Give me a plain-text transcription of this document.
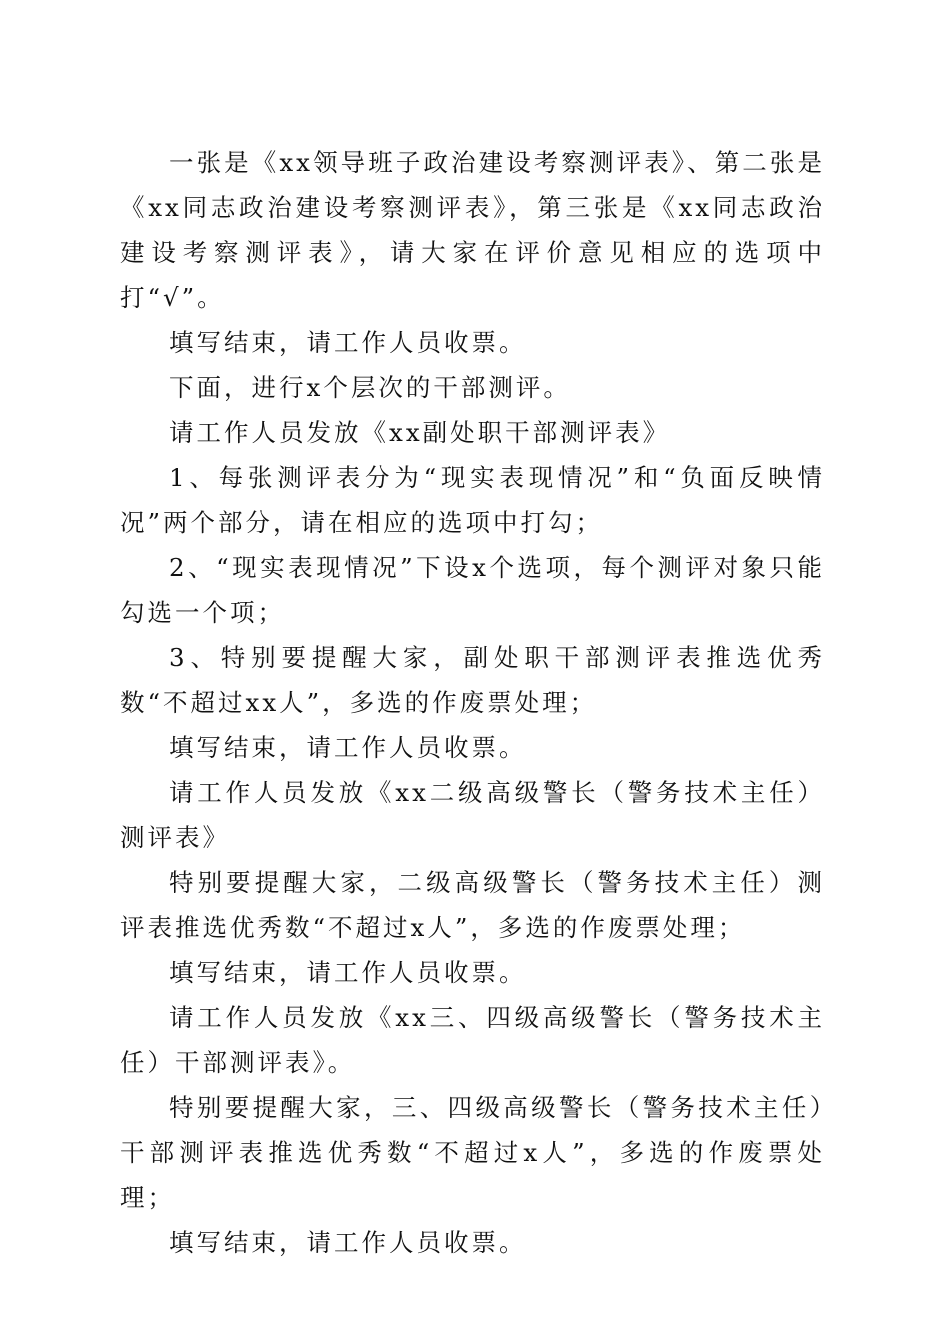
一张是《xx领导班子政治建设考察测评表》、第二张是《xx同志政治建设考察测评表》，第三张是《xx同志政治建设考察测评表》，请大家在评价意见相应的选项中打“√”。

填写结束，请工作人员收票。

下面，进行x个层次的干部测评。

请工作人员发放《xx副处职干部测评表》

1、每张测评表分为“现实表现情况”和“负面反映情况”两个部分，请在相应的选项中打勾；

2、“现实表现情况”下设x个选项，每个测评对象只能勾选一个项；

3、特别要提醒大家，副处职干部测评表推选优秀数“不超过xx人”，多选的作废票处理；

填写结束，请工作人员收票。

请工作人员发放《xx二级高级警长（警务技术主任）测评表》

特别要提醒大家，二级高级警长（警务技术主任）测评表推选优秀数“不超过x人”，多选的作废票处理；

填写结束，请工作人员收票。

请工作人员发放《xx三、四级高级警长（警务技术主任）干部测评表》。

特别要提醒大家，三、四级高级警长（警务技术主任）干部测评表推选优秀数“不超过x人”，多选的作废票处理；

填写结束，请工作人员收票。
